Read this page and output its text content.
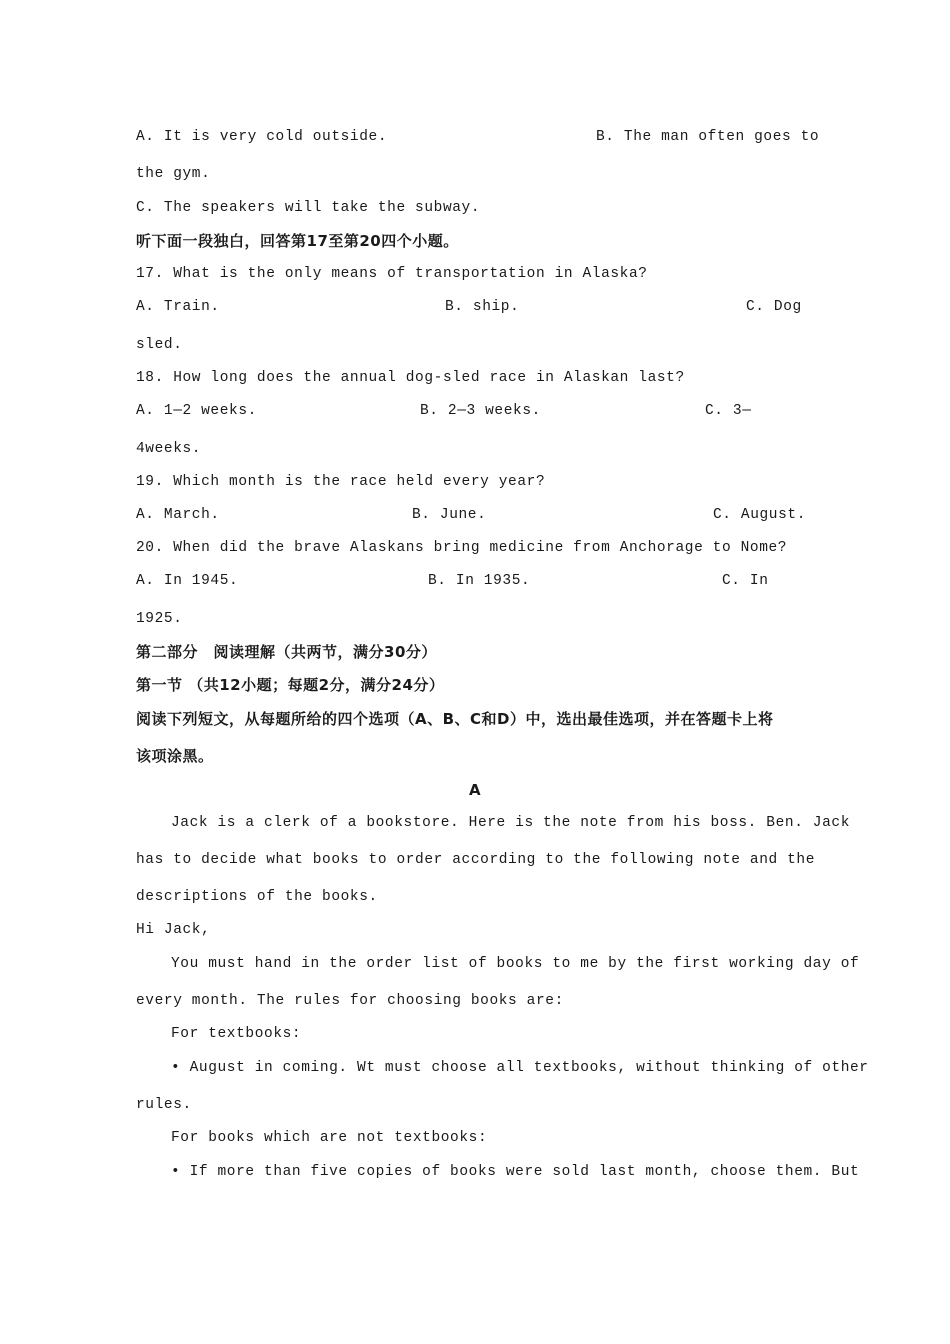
A. It is very cold outside.	B. The man often goes to
the gym.
C. The speakers will take the subway.
听下面一段独白，回答第17至第20四个小题。
17. What is the only means of transportation in Alaska?
A. Train.	B. ship.	C. Dog
sled.
18. How long does the annual dog-sled race in Alaskan last?
A. 1—2 weeks.	B. 2—3 weeks.	C. 3—
4weeks.
19. Which month is the race held every year?
A. March.	B. June.	C. August.
20. When did the brave Alaskans bring medicine from Anchorage to Nome?
A. In 1945.	B. In 1935.	C. In
1925.
第二部分　阅读理解（共两节，满分30分）
第一节 （共12小题；每题2分，满分24分）
阅读下列短文，从每题所给的四个选项（A、B、C和D）中，选出最佳选项，并在答题卡上将
该项涂黑。
A
Jack is a clerk of a bookstore. Here is the note from his boss. Ben. Jack
has to decide what books to order according to the following note and the
descriptions of the books.
Hi Jack,
You must hand in the order list of books to me by the first working day of
every month. The rules for choosing books are:
For textbooks:
• August in coming. Wt must choose all textbooks, without thinking of other
rules.
For books which are not textbooks:
• If more than five copies of books were sold last month, choose them. But
